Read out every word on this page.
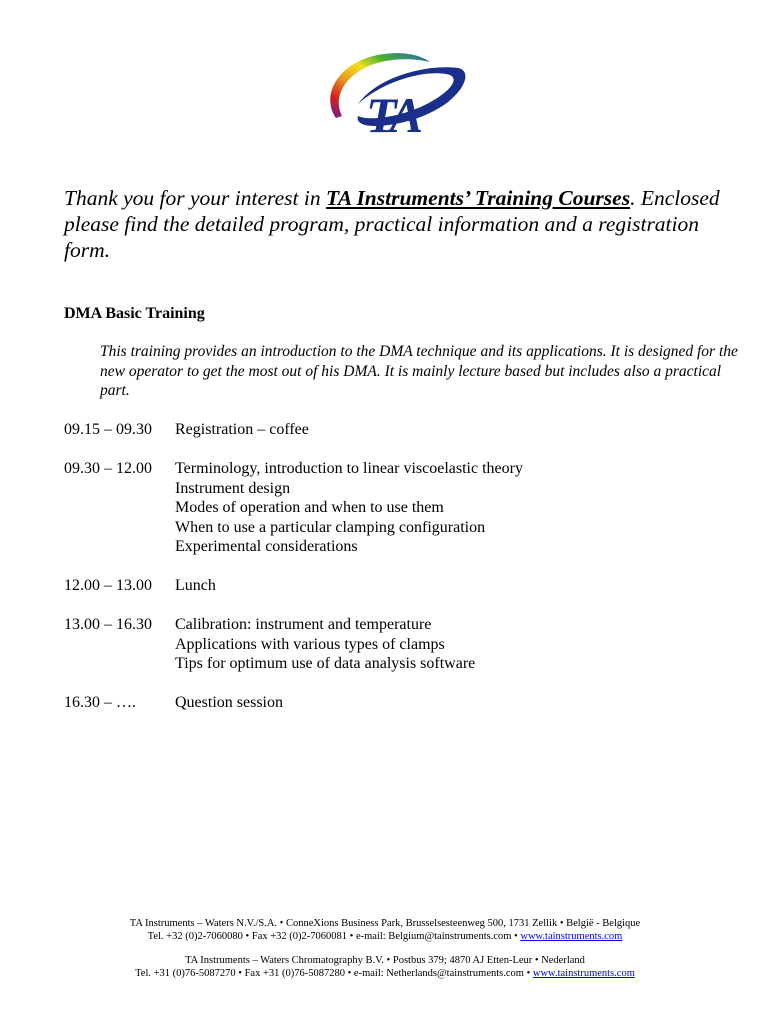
TA

Thank you for your interest in TA Instruments’ Training Courses. Enclosed please find the detailed program, practical information and a registration form.

DMA Basic Training

This training provides an introduction to the DMA technique and its applications. It is designed for the new operator to get the most out of his DMA. It is mainly lecture based but includes also a practical part.

09.15 – 09.30	Registration – coffee
09.30 – 12.00	Terminology, introduction to linear viscoelastic theory
Instrument design
Modes of operation and when to use them
When to use a particular clamping configuration
Experimental considerations
12.00 – 13.00	Lunch
13.00 – 16.30	Calibration: instrument and temperature
Applications with various types of clamps
Tips for optimum use of data analysis software
16.30 – ….	Question session
TA Instruments – Waters N.V./S.A. • ConneXions Business Park, Brusselsesteenweg 500, 1731 Zellik • België - Belgique
Tel. +32 (0)2-7060080 • Fax +32 (0)2-7060081 • e-mail: Belgium@tainstruments.com • www.tainstruments.com
TA Instruments – Waters Chromatography B.V. • Postbus 379; 4870 AJ Etten-Leur • Nederland
Tel. +31 (0)76-5087270 • Fax +31 (0)76-5087280 • e-mail: Netherlands@tainstruments.com • www.tainstruments.com
